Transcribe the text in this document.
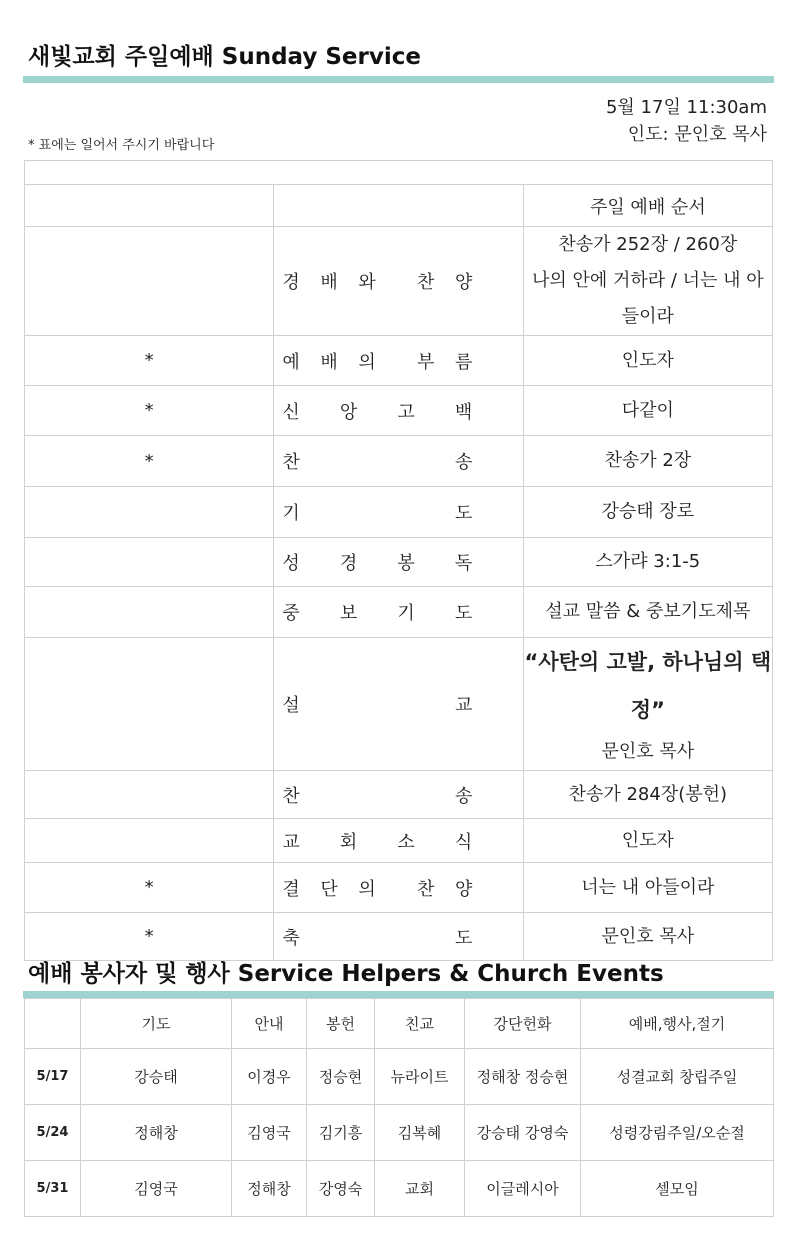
새빛교회 주일예배 Sunday Service
5월 17일 11:30am
인도: 문인호 목사
* 표에는 일어서 주시기 바랍니다

		주일 예배 순서

	경 배 와 찬 양	찬송가 252장 / 260장
나의 안에 거하라 / 너는 내 아들이라

*	예 배 의 부 름	인도자

*	신 앙 고 백	다같이

*	찬 송	찬송가 2장

	기 도	강승태 장로

	성 경 봉 독	스가랴 3:1-5

	중 보 기 도	설교 말씀 & 중보기도제목

	설 교	“사탄의 고발, 하나님의 택정”
문인호 목사

	찬 송	찬송가 284장(봉헌)

	교 회 소 식	인도자

*	결 단 의 찬 양	너는 내 아들이라

*	축 도	문인호 목사
예배 봉사자 및 행사 Service Helpers & Church Events
	기도	안내	봉헌	친교	강단헌화	예배,행사,절기
5/17	강승태	이경우	정승현	뉴라이트	정해창 정승현	성결교회 창립주일
5/24	정해창	김영국	김기흥	김복혜	강승태 강영숙	성령강림주일/오순절
5/31	김영국	정해창	강영숙	교회	이글레시아	셀모임
